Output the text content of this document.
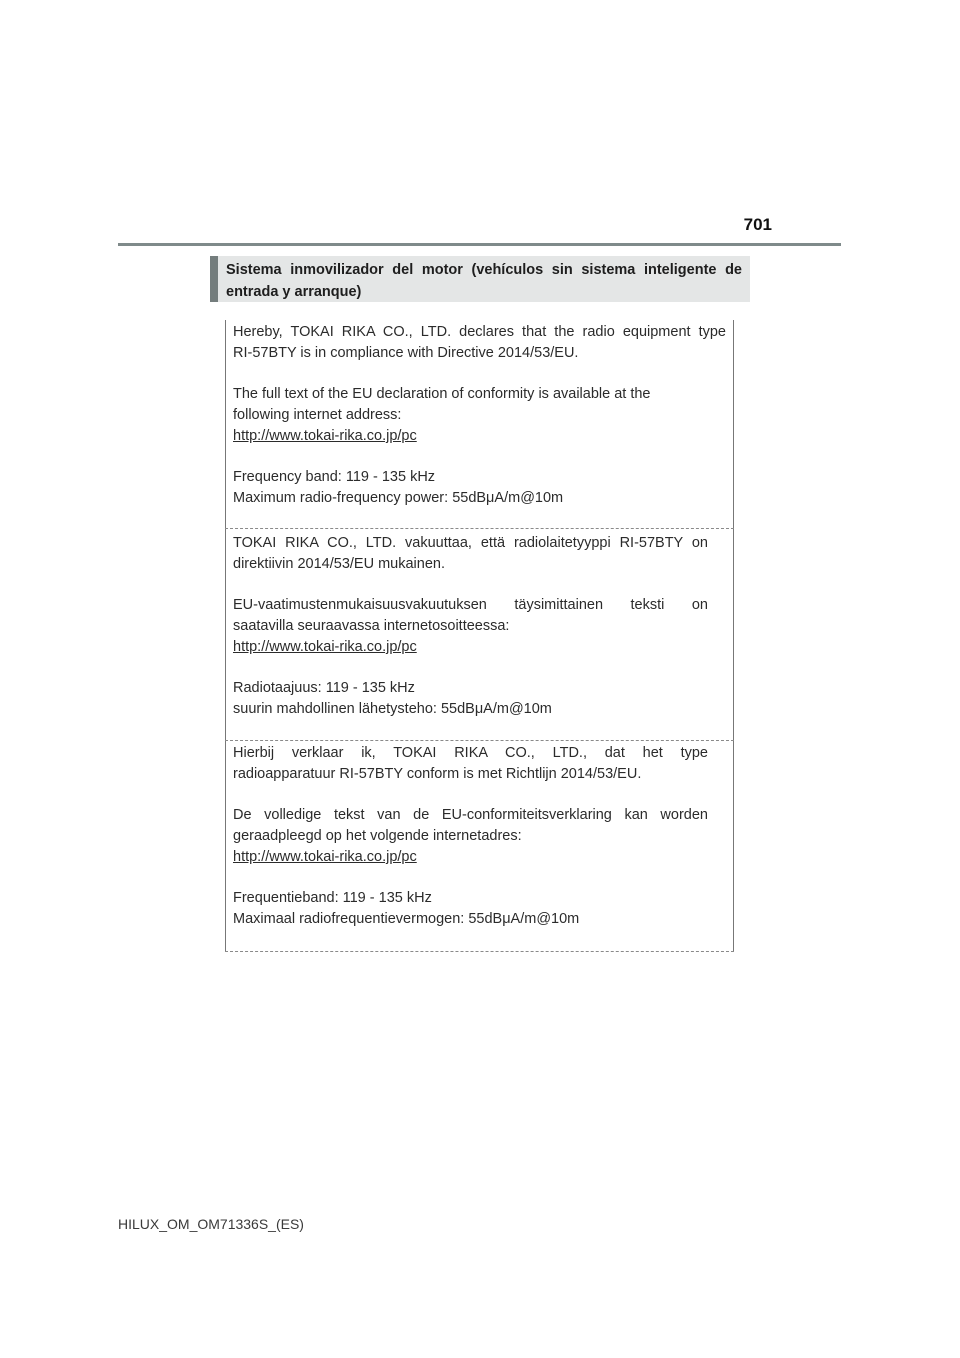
701
Sistema inmovilizador del motor (vehículos sin sistema inteligente de
entrada y arranque)

Hereby, TOKAI RIKA CO., LTD. declares that the radio equipment type

RI-57BTY is in compliance with Directive 2014/53/EU.

The full text of the EU declaration of conformity is available at the

following internet address:

http://www.tokai-rika.co.jp/pc

Frequency band: 119 - 135 kHz

Maximum radio-frequency power: 55dBμA/m@10m

TOKAI RIKA CO., LTD. vakuuttaa, että radiolaitetyyppi RI-57BTY on

direktiivin 2014/53/EU mukainen.

EU-vaatimustenmukaisuusvakuutuksen täysimittainen teksti on

saatavilla seuraavassa internetosoitteessa:

http://www.tokai-rika.co.jp/pc

Radiotaajuus: 119 - 135 kHz

suurin mahdollinen lähetysteho: 55dBμA/m@10m

Hierbij verklaar ik, TOKAI RIKA CO., LTD., dat het type

radioapparatuur RI-57BTY conform is met Richtlijn 2014/53/EU.

De volledige tekst van de EU-conformiteitsverklaring kan worden

geraadpleegd op het volgende internetadres:

http://www.tokai-rika.co.jp/pc

Frequentieband: 119 - 135 kHz

Maximaal radiofrequentievermogen: 55dBμA/m@10m

HILUX_OM_OM71336S_(ES)
